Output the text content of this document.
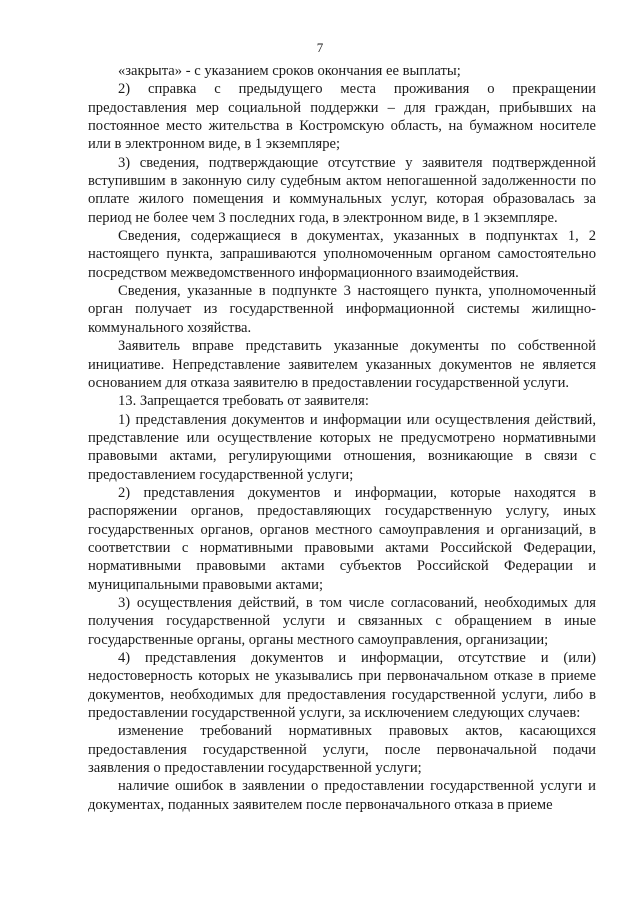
7

«закрыта» - с указанием сроков окончания ее выплаты;

2) справка с предыдущего места проживания о прекращении предоставления мер социальной поддержки – для граждан, прибывших на постоянное место жительства в Костромскую область, на бумажном носителе или в электронном виде, в 1 экземпляре;

3) сведения, подтверждающие отсутствие у заявителя подтвержденной вступившим в законную силу судебным актом непогашенной задолженности по оплате жилого помещения и коммунальных услуг, которая образовалась за период не более чем 3 последних года, в электронном виде, в 1 экземпляре.

Сведения, содержащиеся в документах, указанных в подпунктах 1, 2 настоящего пункта, запрашиваются уполномоченным органом самостоятельно посредством межведомственного информационного взаимодействия.

Сведения, указанные в подпункте 3 настоящего пункта, уполномоченный орган получает из государственной информационной системы жилищно-коммунального хозяйства.

Заявитель вправе представить указанные документы по собственной инициативе. Непредставление заявителем указанных документов не является основанием для отказа заявителю в предоставлении государственной услуги.

13. Запрещается требовать от заявителя:

1) представления документов и информации или осуществления действий, представление или осуществление которых не предусмотрено нормативными правовыми актами, регулирующими отношения, возникающие в связи с предоставлением государственной услуги;

2) представления документов и информации, которые находятся в распоряжении органов, предоставляющих государственную услугу, иных государственных органов, органов местного самоуправления и организаций, в соответствии с нормативными правовыми актами Российской Федерации, нормативными правовыми актами субъектов Российской Федерации и муниципальными правовыми актами;

3) осуществления действий, в том числе согласований, необходимых для получения государственной услуги и связанных с обращением в иные государственные органы, органы местного самоуправления, организации;

4) представления документов и информации, отсутствие и (или) недостоверность которых не указывались при первоначальном отказе в приеме документов, необходимых для предоставления государственной услуги, либо в предоставлении государственной услуги, за исключением следующих случаев:

изменение требований нормативных правовых актов, касающихся предоставления государственной услуги, после первоначальной подачи заявления о предоставлении государственной услуги;

наличие ошибок в заявлении о предоставлении государственной услуги и документах, поданных заявителем после первоначального отказа в приеме
